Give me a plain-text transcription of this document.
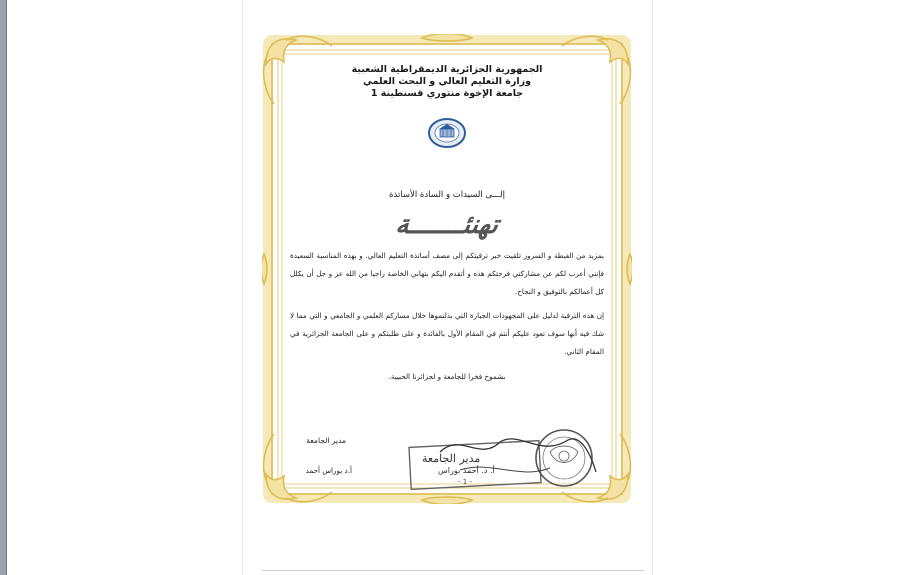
الجمهورية الجزائرية الديمقراطية الشعبية
وزارة التعليم العالي و البحث العلمي
جامعة الإخوة منتوري قسنطينة 1
إلـــى السيدات و السادة الأساتذة
تهنئـــــــة

بمزيد من الغبطة و السرور تلقيت خبر ترقيتكم إلى مصف أساتذة التعليم العالي. و بهذه المناسبة السعيدة فإنني أعرب لكم عن مشاركتي فرحتكم هذه و أتقدم اليكم بتهاني الخاصة راجيا من الله عز و جل أن يكلل كل أعمالكم بالتوفيق و النجاح.

إن هذه الترقية لدليل على المجهودات الجبارة التي بذلتموها خلال مساركم العلمي و الجامعي و التي مما لا شك فيه أنها سوف تعود عليكم أنتم في المقام الأول بالفائدة و على طلبتكم و على الجامعة الجزائرية في المقام الثاني.

بشموخ فخرا للجامعة و لجزائرنا الحبيبة.
مدير الجامعة
أ.د بوراس أحمد
مدير الجامعة
أ. د. أحمد بوراس
- 1 -
